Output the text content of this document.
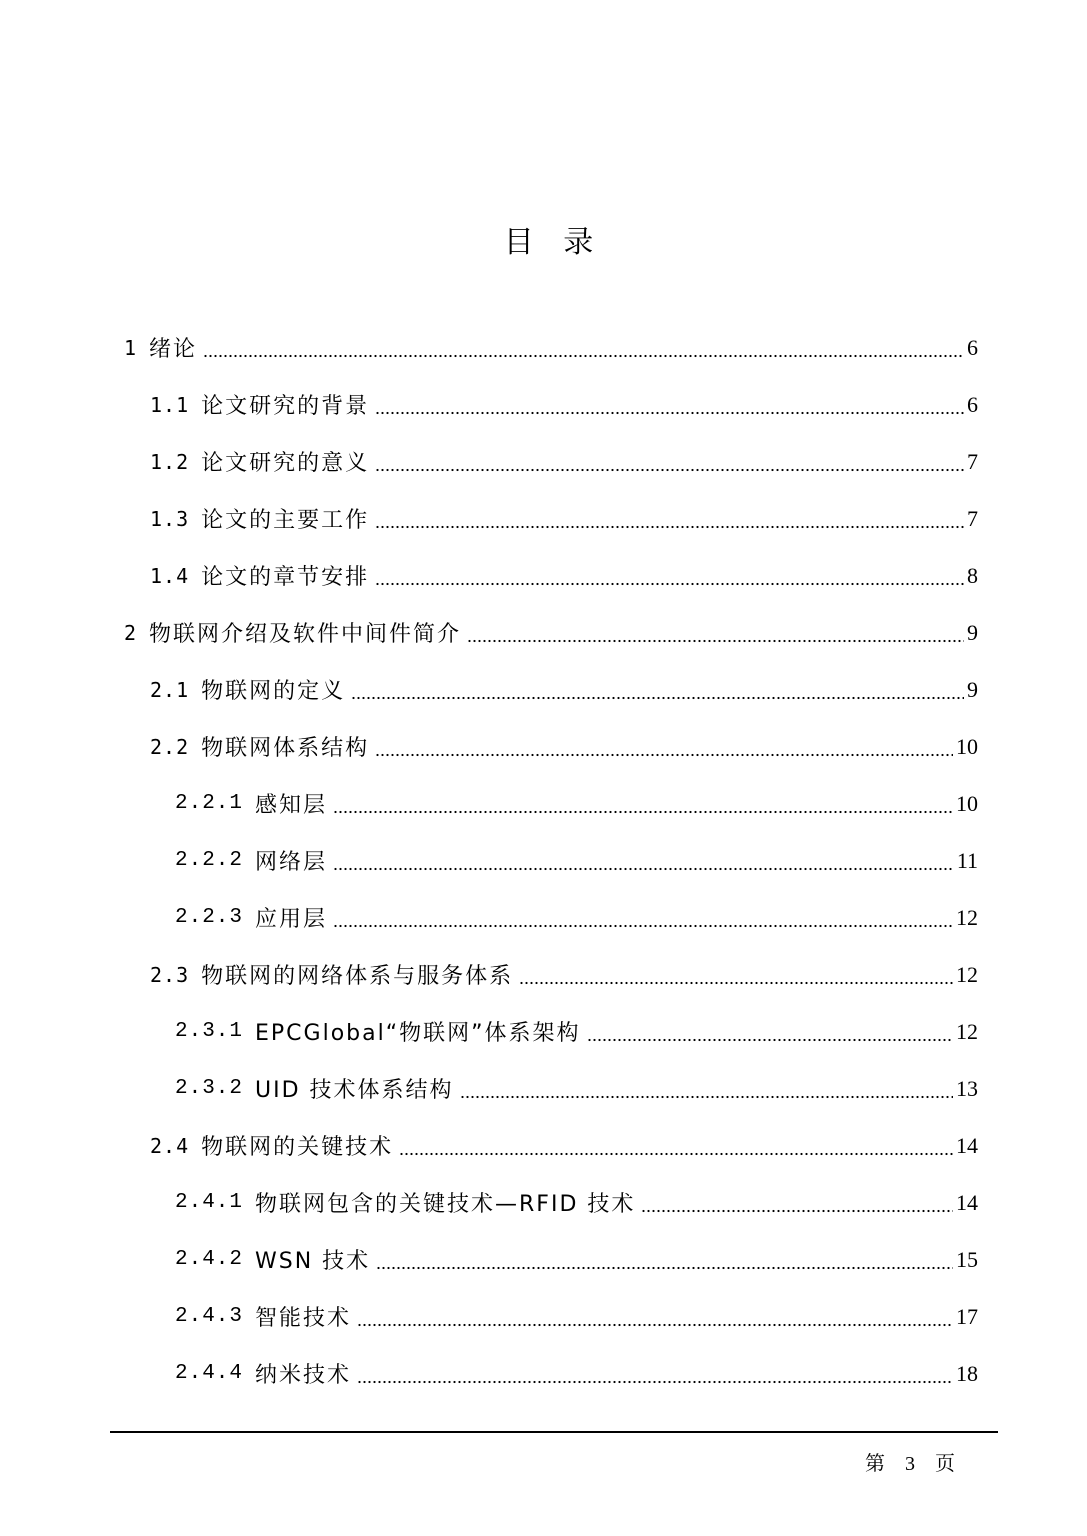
目 录
1 绪论	6
1.1 论文研究的背景	6
1.2 论文研究的意义	7
1.3 论文的主要工作	7
1.4 论文的章节安排	8
2 物联网介绍及软件中间件简介	9
2.1 物联网的定义	9
2.2 物联网体系结构	10
2.2.1 感知层	10
2.2.2 网络层	11
2.2.3 应用层	12
2.3 物联网的网络体系与服务体系	12
2.3.1 EPCGlobal“物联网”体系架构	12
2.3.2 UID 技术体系结构	13
2.4 物联网的关键技术	14
2.4.1 物联网包含的关键技术—RFID 技术	14
2.4.2 WSN 技术	15
2.4.3 智能技术	17
2.4.4 纳米技术	18
第 3 页
